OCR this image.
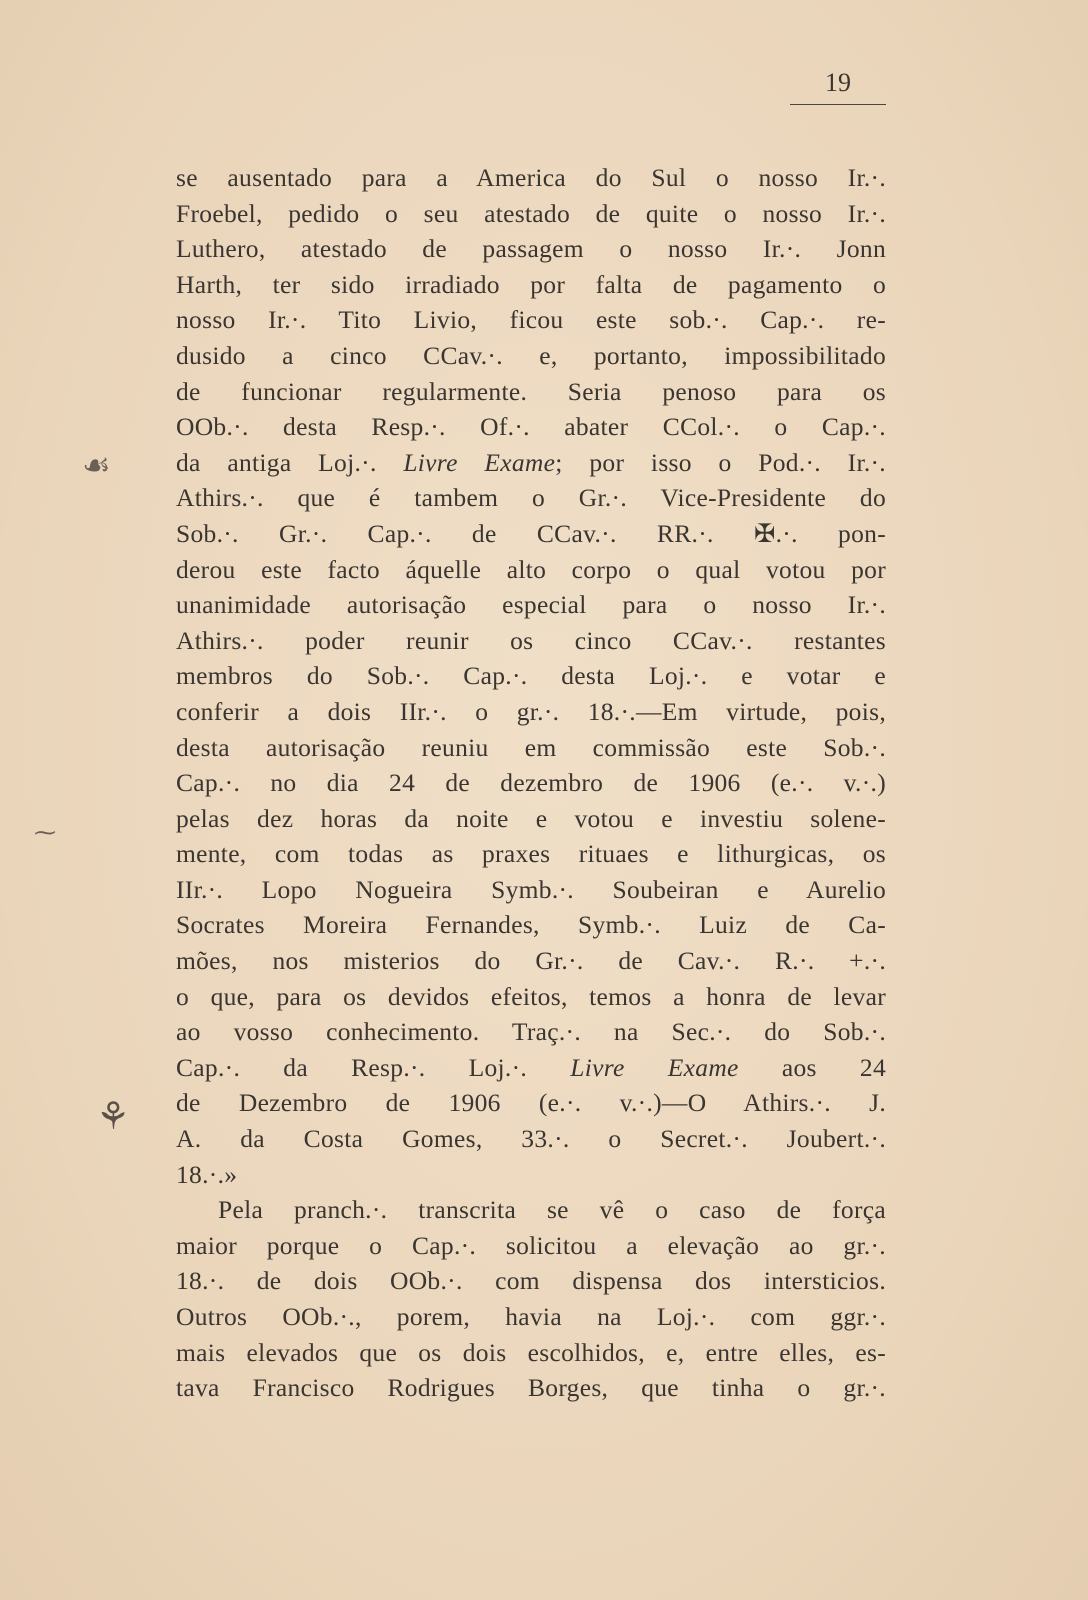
19
☙
⁓
⚘
se ausentado para a America do Sul o nosso Ir.·.
Froebel, pedido o seu atestado de quite o nosso Ir.·.
Luthero, atestado de passagem o nosso Ir.·. Jonn
Harth, ter sido irradiado por falta de pagamento o
nosso Ir.·. Tito Livio, ficou este sob.·. Cap.·. re-
dusido a cinco CCav.·. e, portanto, impossibilitado
de funcionar regularmente. Seria penoso para os
OOb.·. desta Resp.·. Of.·. abater CCol.·. o Cap.·.
da antiga Loj.·. Livre Exame; por isso o Pod.·. Ir.·.
Athirs.·. que é tambem o Gr.·. Vice-Presidente do
Sob.·. Gr.·. Cap.·. de CCav.·. RR.·. ✠.·. pon-
derou este facto áquelle alto corpo o qual votou por
unanimidade autorisação especial para o nosso Ir.·.
Athirs.·. poder reunir os cinco CCav.·. restantes
membros do Sob.·. Cap.·. desta Loj.·. e votar e
conferir a dois IIr.·. o gr.·. 18.·.—Em virtude, pois,
desta autorisação reuniu em commissão este Sob.·.
Cap.·. no dia 24 de dezembro de 1906 (e.·. v.·.)
pelas dez horas da noite e votou e investiu solene-
mente, com todas as praxes rituaes e lithurgicas, os
IIr.·. Lopo Nogueira Symb.·. Soubeiran e Aurelio
Socrates Moreira Fernandes, Symb.·. Luiz de Ca-
mões, nos misterios do Gr.·. de Cav.·. R.·. +.·.
o que, para os devidos efeitos, temos a honra de levar
ao vosso conhecimento. Traç.·. na Sec.·. do Sob.·.
Cap.·. da Resp.·. Loj.·. Livre Exame aos 24
de Dezembro de 1906 (e.·. v.·.)—O Athirs.·. J.
A. da Costa Gomes, 33.·. o Secret.·. Joubert.·.
18.·.»
Pela pranch.·. transcrita se vê o caso de força
maior porque o Cap.·. solicitou a elevação ao gr.·.
18.·. de dois OOb.·. com dispensa dos intersticios.
Outros OOb.·., porem, havia na Loj.·. com ggr.·.
mais elevados que os dois escolhidos, e, entre elles, es-
tava Francisco Rodrigues Borges, que tinha o gr.·.
